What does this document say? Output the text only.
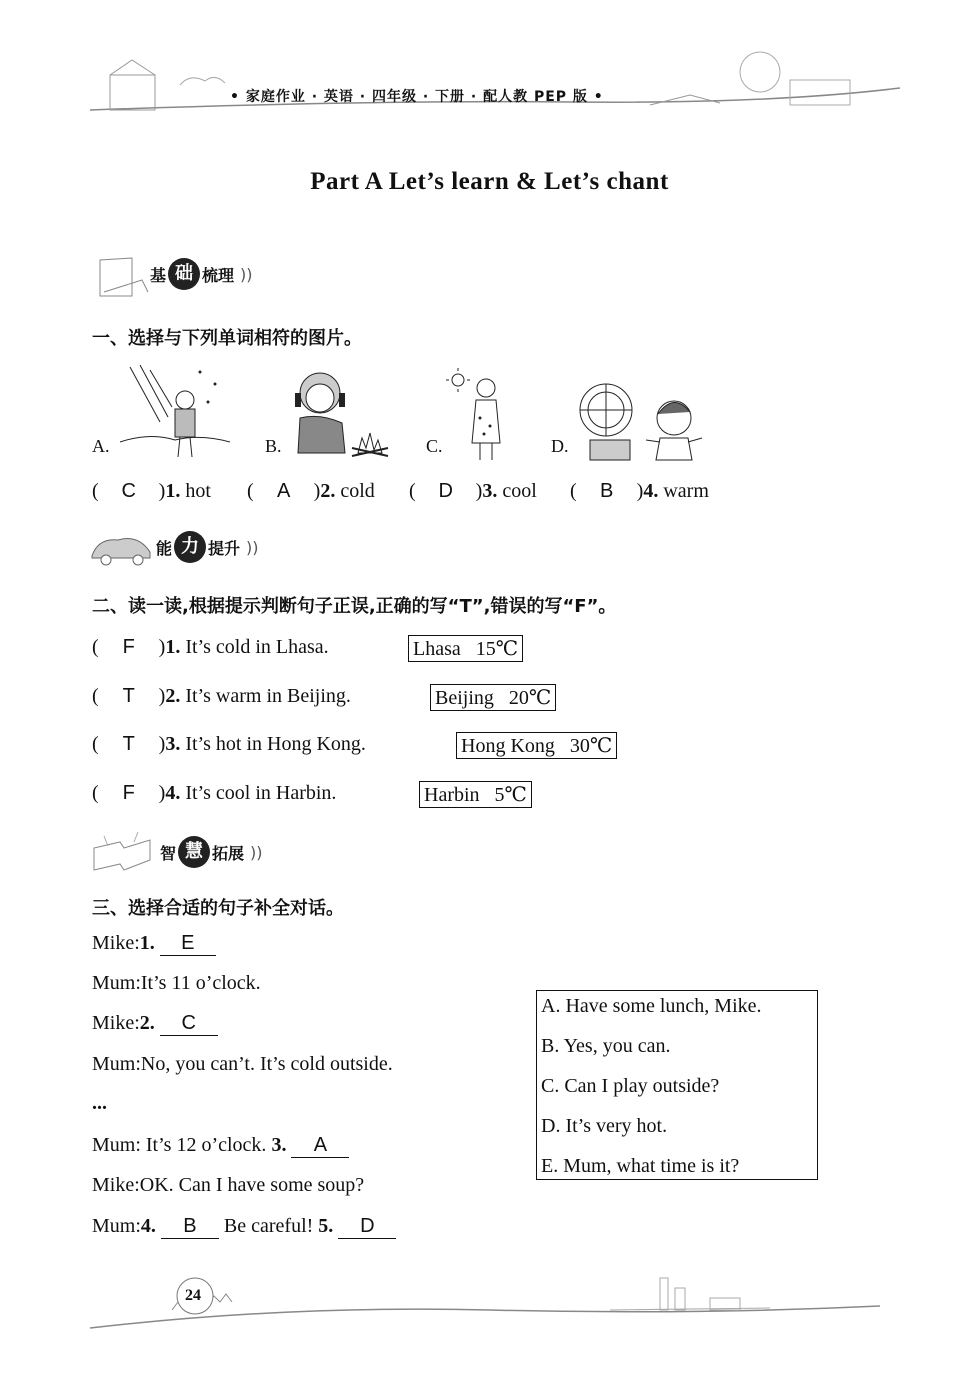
• 家庭作业 · 英语 · 四年级 · 下册 · 配人教 PEP 版 •
Part A Let’s learn & Let’s chant
基 础 梳理 ))
一、选择与下列单词相符的图片。
A.	B.	C.	D.
( C )1. hot ( A )2. cold ( D )3. cool ( B )4. warm
能 力 提升 ))
二、读一读,根据提示判断句子正误,正确的写“T”,错误的写“F”。
( F )1. It’s cold in Lhasa.	Lhasa   15℃
( T )2. It’s warm in Beijing.	Beijing   20℃
( T )3. It’s hot in Hong Kong.	Hong Kong   30℃
( F )4. It’s cool in Harbin.	Harbin   5℃
智 慧 拓展 ))
三、选择合适的句子补全对话。
Mike:1. E
Mum:It’s 11 o’clock.
Mike:2. C
Mum:No, you can’t. It’s cold outside.
...
Mum: It’s 12 o’clock. 3. A
Mike:OK. Can I have some soup?
Mum:4. B Be careful! 5. D
A. Have some lunch, Mike.
B. Yes, you can.
C. Can I play outside?
D. It’s very hot.
E. Mum, what time is it?
24
